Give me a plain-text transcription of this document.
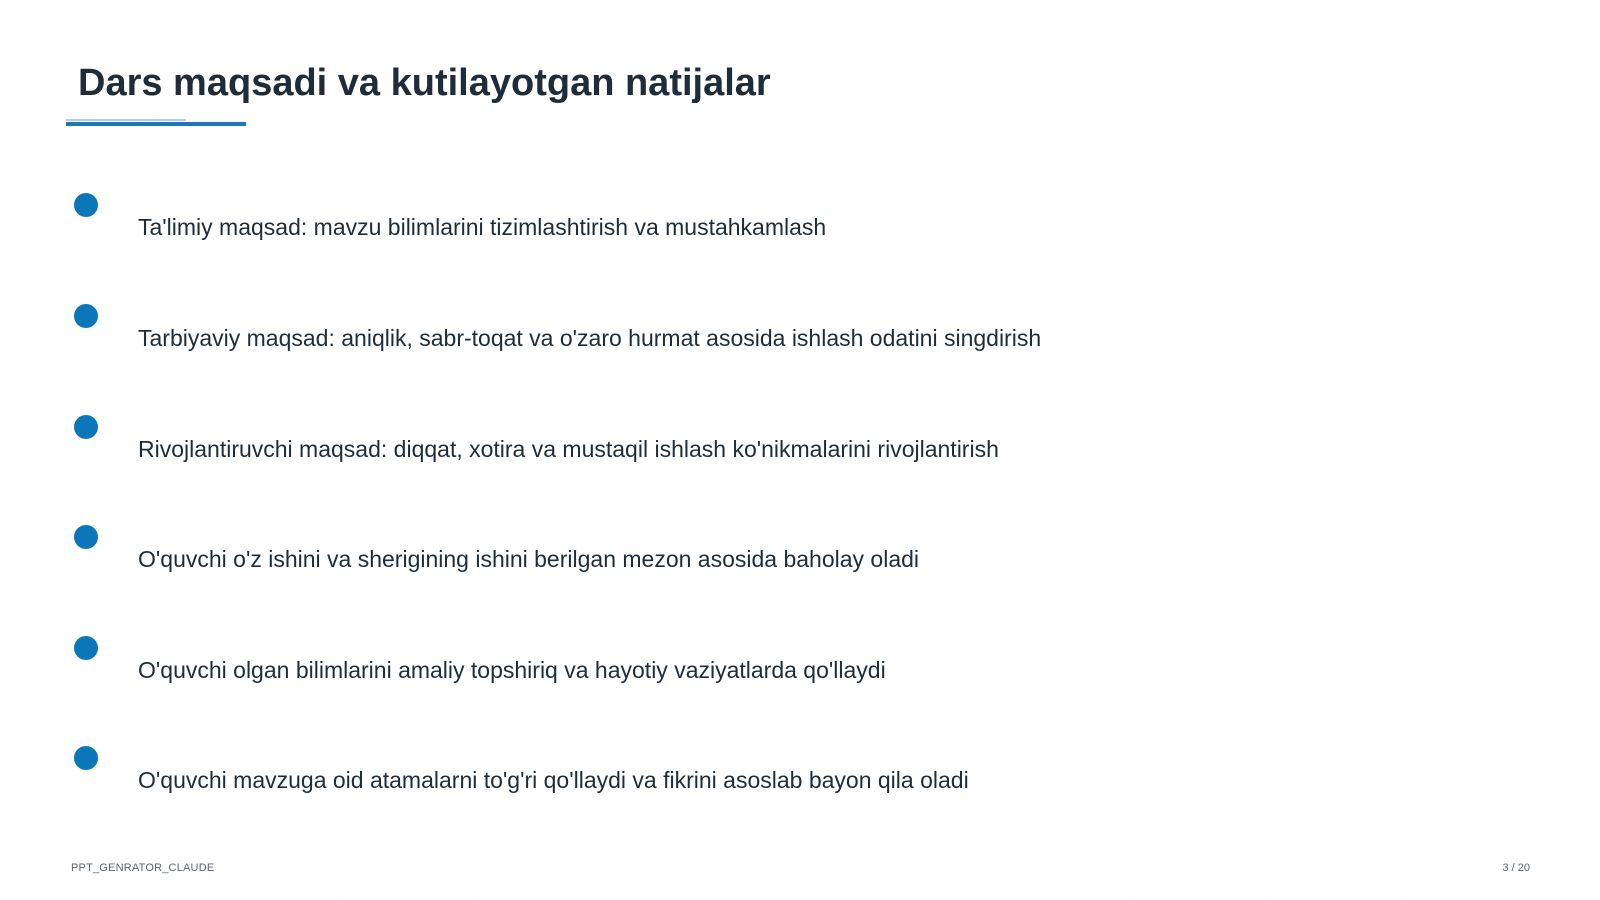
Dars maqsadi va kutilayotgan natijalar
Ta'limiy maqsad: mavzu bilimlarini tizimlashtirish va mustahkamlash
Tarbiyaviy maqsad: aniqlik, sabr-toqat va o'zaro hurmat asosida ishlash odatini singdirish
Rivojlantiruvchi maqsad: diqqat, xotira va mustaqil ishlash ko'nikmalarini rivojlantirish
O'quvchi o'z ishini va sherigining ishini berilgan mezon asosida baholay oladi
O'quvchi olgan bilimlarini amaliy topshiriq va hayotiy vaziyatlarda qo'llaydi
O'quvchi mavzuga oid atamalarni to'g'ri qo'llaydi va fikrini asoslab bayon qila oladi
PPT_GENRATOR_CLAUDE	3 / 20
